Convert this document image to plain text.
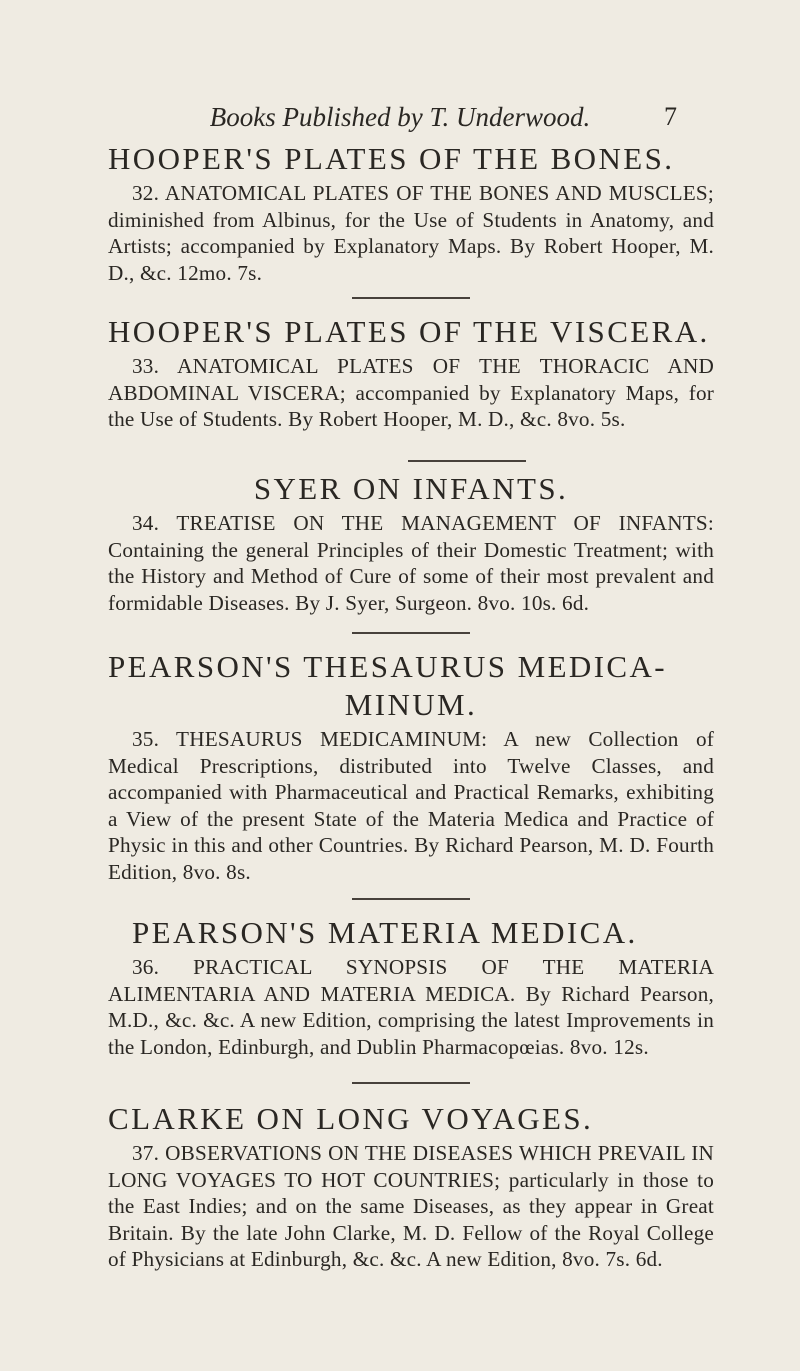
Books Published by T. Underwood.	7
HOOPER'S PLATES OF THE BONES.
32. ANATOMICAL PLATES OF THE BONES AND MUSCLES; diminished from Albinus, for the Use of Students in Anatomy, and Artists; accompanied by Explanatory Maps. By Robert Hooper, M. D., &c. 12mo. 7s.
HOOPER'S PLATES OF THE VISCERA.
33. ANATOMICAL PLATES OF THE THORACIC AND ABDOMINAL VISCERA; accompanied by Explanatory Maps, for the Use of Students. By Robert Hooper, M. D., &c. 8vo. 5s.
SYER ON INFANTS.
34. TREATISE ON THE MANAGEMENT OF INFANTS: Containing the general Principles of their Domestic Treatment; with the History and Method of Cure of some of their most prevalent and formidable Diseases. By J. Syer, Surgeon. 8vo. 10s. 6d.
PEARSON'S THESAURUS MEDICA-
MINUM.
35. THESAURUS MEDICAMINUM: A new Collection of Medical Prescriptions, distributed into Twelve Classes, and accompanied with Pharmaceutical and Practical Remarks, exhibiting a View of the present State of the Materia Medica and Practice of Physic in this and other Countries. By Richard Pearson, M. D. Fourth Edition, 8vo. 8s.
PEARSON'S MATERIA MEDICA.
36. PRACTICAL SYNOPSIS OF THE MATERIA ALIMENTARIA AND MATERIA MEDICA. By Richard Pearson, M.D., &c. &c. A new Edition, comprising the latest Improvements in the London, Edinburgh, and Dublin Pharmacopœias. 8vo. 12s.
CLARKE ON LONG VOYAGES.
37. OBSERVATIONS ON THE DISEASES WHICH PREVAIL IN LONG VOYAGES TO HOT COUNTRIES; particularly in those to the East Indies; and on the same Diseases, as they appear in Great Britain. By the late John Clarke, M. D. Fellow of the Royal College of Physicians at Edinburgh, &c. &c. A new Edition, 8vo. 7s. 6d.
